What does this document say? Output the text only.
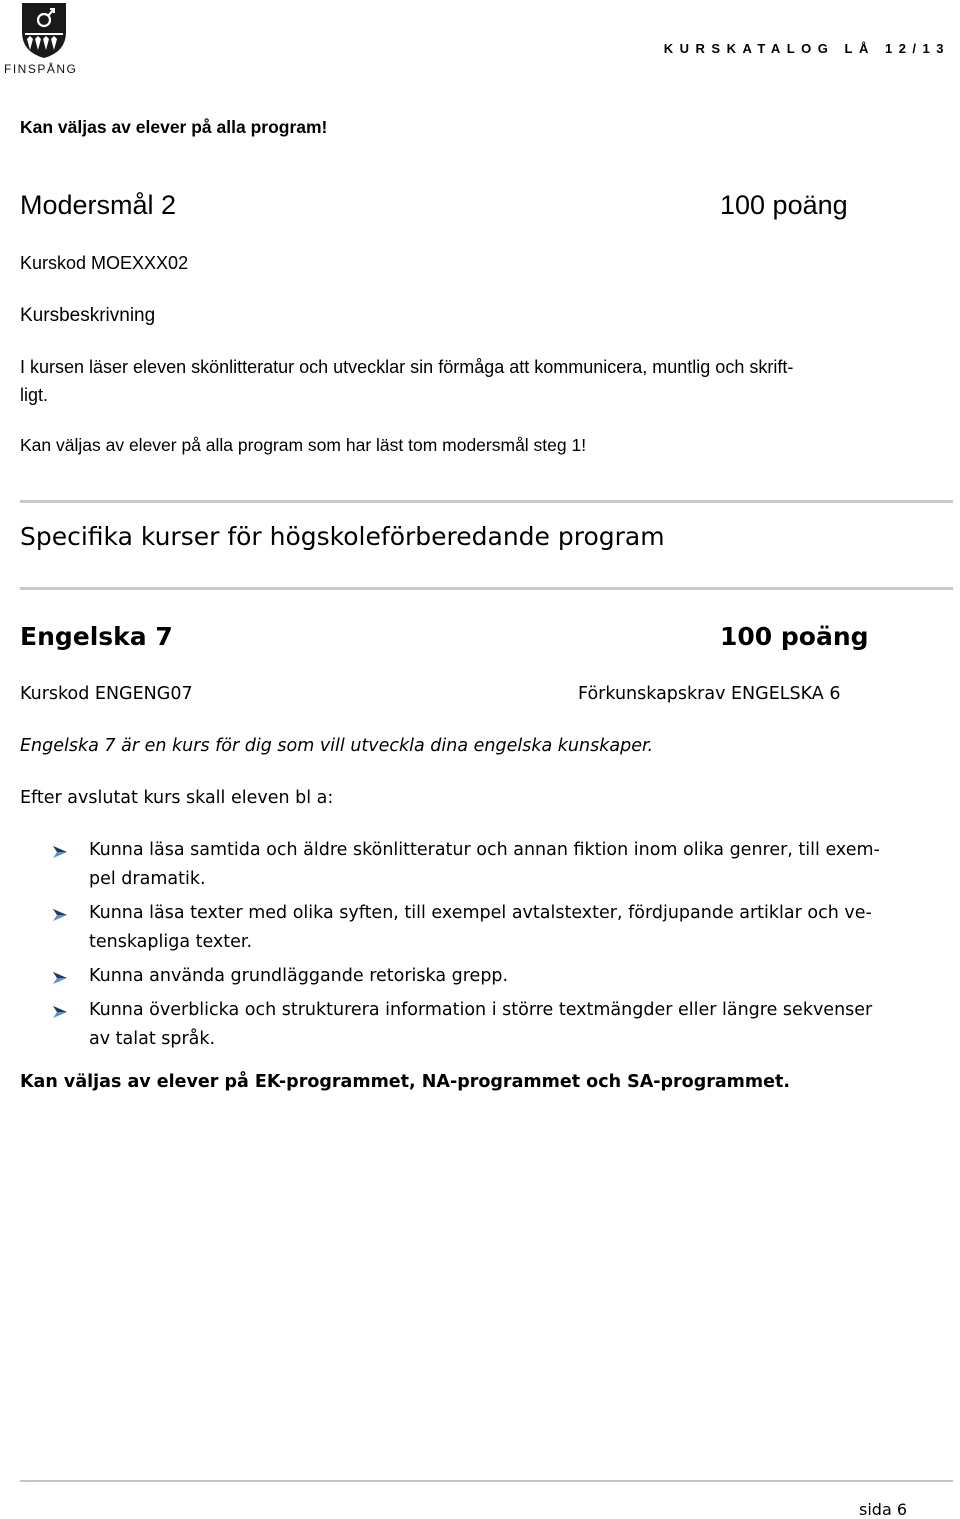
FINSPÅNG
KURSKATALOG LÅ 12/13
Kan väljas av elever på alla program!
Modersmål 2	100 poäng
Kurskod MOEXXX02
Kursbeskrivning
I kursen läser eleven skönlitteratur och utvecklar sin förmåga att kommunicera, muntlig och skrift-
ligt.
Kan väljas av elever på alla program som har läst tom modersmål steg 1!
Specifika kurser för högskoleförberedande program
Engelska 7	100 poäng
Kurskod ENGENG07	Förkunskapskrav ENGELSKA 6
Engelska 7 är en kurs för dig som vill utveckla dina engelska kunskaper.
Efter avslutat kurs skall eleven bl a:
Kunna läsa samtida och äldre skönlitteratur och annan fiktion inom olika genrer, till exem-
pel dramatik.
Kunna läsa texter med olika syften, till exempel avtalstexter, fördjupande artiklar och ve-
tenskapliga texter.
Kunna använda grundläggande retoriska grepp.
Kunna överblicka och strukturera information i större textmängder eller längre sekvenser
av talat språk.
Kan väljas av elever på EK-programmet, NA-programmet och SA-programmet.
sida 6
